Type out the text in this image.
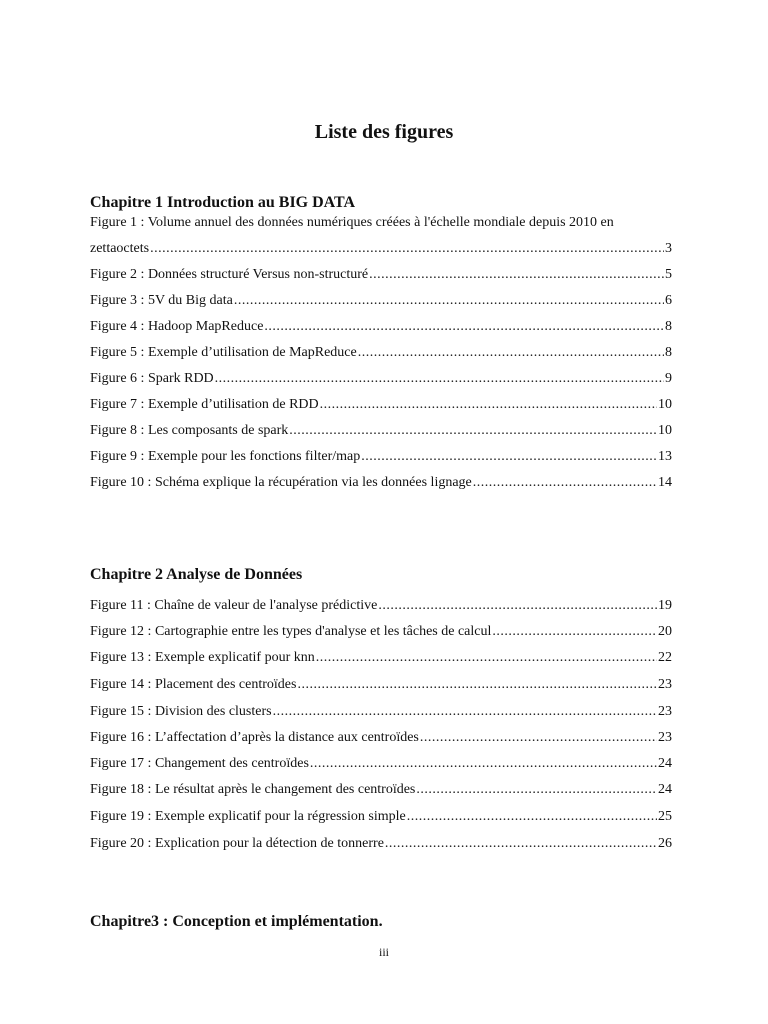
Liste des figures
Chapitre 1 Introduction au BIG DATA
Figure 1 : Volume annuel des données numériques créées à l'échelle mondiale depuis 2010 en
zettaoctets .....	3
Figure 2 : Données structuré Versus non-structuré .....	5
Figure 3 : 5V du Big data .....	6
Figure 4 : Hadoop MapReduce .....	8
Figure 5 : Exemple d’utilisation de MapReduce .....	8
Figure 6 : Spark RDD .....	9
Figure 7 : Exemple d’utilisation de RDD .....	10
Figure 8 : Les composants de spark .....	10
Figure 9 : Exemple pour les fonctions filter/map .....	13
Figure 10 : Schéma explique la récupération via les données lignage .....	14
Chapitre 2 Analyse de Données
Figure 11 : Chaîne de valeur de l'analyse prédictive .....	19
Figure 12 : Cartographie entre les types d'analyse et les tâches de calcul .....	20
Figure 13 : Exemple explicatif pour knn .....	22
Figure 14 : Placement des centroïdes .....	23
Figure 15 : Division des clusters .....	23
Figure 16 : L’affectation d’après la distance aux centroïdes .....	23
Figure 17 : Changement des centroïdes .....	24
Figure 18 : Le résultat après le changement des centroïdes .....	24
Figure 19 : Exemple explicatif pour la régression simple .....	25
Figure 20 : Explication pour la détection de tonnerre .....	26
Chapitre3 : Conception et implémentation.
iii
